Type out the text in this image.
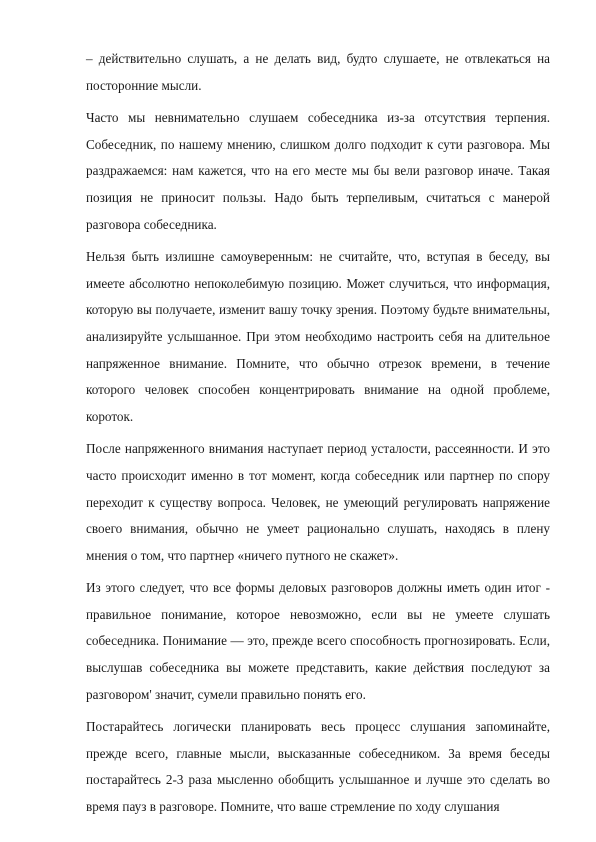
– действительно слушать, а не делать вид, будто слушаете, не отвлекаться на посторонние мысли.

Часто мы невнимательно слушаем собеседника из-за отсутствия терпения. Собеседник, по нашему мнению, слишком долго подходит к сути разговора. Мы раздражаемся: нам кажется, что на его месте мы бы вели разговор иначе. Такая позиция не приносит пользы. Надо быть терпеливым, считаться с манерой разговора собеседника.

Нельзя быть излишне самоуверенным: не считайте, что, вступая в беседу, вы имеете абсолютно непоколебимую позицию. Может случиться, что информация, которую вы получаете, изменит вашу точку зрения. Поэтому будьте внимательны, анализируйте услышанное. При этом необходимо настроить себя на длительное напряженное внимание. Помните, что обычно отрезок времени, в течение которого человек способен концентрировать внимание на одной проблеме, короток.

После напряженного внимания наступает период усталости, рассеянности. И это часто происходит именно в тот момент, когда собеседник или партнер по спору переходит к существу вопроса. Человек, не умеющий регулировать напряжение своего внимания, обычно не умеет рационально слушать, находясь в плену мнения о том, что партнер «ничего путного не скажет».

Из этого следует, что все формы деловых разговоров должны иметь один итог - правильное понимание, которое невозможно, если вы не умеете слушать собеседника. Понимание — это, прежде всего способность прогнозировать. Если, выслушав собеседника вы можете представить, какие действия последуют за разговором' значит, сумели правильно понять его.

Постарайтесь логически планировать весь процесс слушания запоминайте, прежде всего, главные мысли, высказанные собеседником. За время беседы постарайтесь 2-3 раза мысленно обобщить услышанное и лучше это сделать во время пауз в разговоре. Помните, что ваше стремление по ходу слушания
